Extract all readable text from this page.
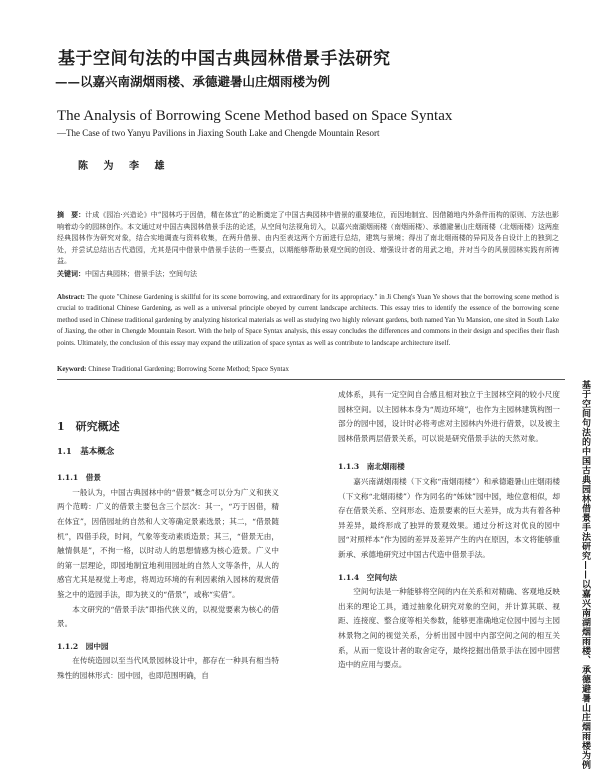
基于空间句法的中国古典园林借景手法研究
——以嘉兴南湖烟雨楼、承德避暑山庄烟雨楼为例
The Analysis of Borrowing Scene Method based on Space Syntax
—The Case of two Yanyu Pavilions in Jiaxing South Lake and Chengde Mountain Resort
陈 为 李 雄
摘　要：计成《园冶·兴造论》中“园林巧于因借，精在体宜”的论断奠定了中国古典园林中借景的重要地位，而因地制宜、因借随地内外条件而构的原则、方法也影响着动今的园林创作。本文通过对中国古典园林借景手法的论述，从空间句法视角切入，以嘉兴南湖烟雨楼（南烟雨楼）、承德避暑山庄烟雨楼（北烟雨楼）这两座经典园林作为研究对象，结合实地调查与资料收集，在两升借景、由内至表这两个方面进行总结，建筑与景境；得出了南北烟雨楼的异同及各自设计上的独到之处，并尝试总结出古代造园，尤其是同中借景中借景手法的一些要点，以期能够帮助景观空间的创设、增强设计者的用武之地，并对当今的风景园林实践有所裨益。
关键词：中国古典园林；借景手法；空间句法
Abstract: The quote "Chinese Gardening is skillful for its scene borrowing, and extraordinary for its appropriacy." in Ji Cheng's Yuan Ye shows that the borrowing scene method is crucial to traditional Chinese Gardening, as well as a universal principle obeyed by current landscape architects. This essay tries to identify the essence of the borrowing scene method used in Chinese traditional gardening by analyzing historical materials as well as studying two highly relevant gardens, both named Yan Yu Mansion, one sited in South Lake of Jiaxing, the other in Chengde Mountain Resort. With the help of Space Syntax analysis, this essay concludes the differences and commons in their design and specifies their flash points. Ultimately, the conclusion of this essay may expand the utilization of space syntax as well as contribute to landscape architecture itself.
Keyword: Chinese Traditional Gardening; Borrowing Scene Method; Space Syntax
1　研究概述
1.1　基本概念
1.1.1　借景
一般认为，中国古典园林中的“借景”概念可以分为广义和狭义两个范畴：广义的借景主要包含三个层次：其一，“巧于因借，精在体宜”，因借园址的自然和人文等确定景素选景；其二，“借景随机”，四借手段，时间，气象等变动素质造景；其三，“借景无由，触情俱是”，不拘一格，以时动人的思想情感为核心造景。广义中的第一层理论，即园地制宜地利用园址的自然人文等条件，从人的感官尤其是视觉上考虑，将周边环境的有利因素纳入园林的观赏借鉴之中的造园手法，即为狭义的“借景”，或称“实借”。
本文研究的“借景手法”即指代狭义的，以视觉要素为核心的借景。
1.1.2　园中园
在传统造园以至当代风景园林设计中，都存在一种具有相当特殊性的园林形式：园中园，也即范围明确，自
成体系，具有一定空间自合感且相对独立于主园林空间的较小尺度园林空间。以主园林本身为“周边环境”，也作为主园林建筑构图一部分的园中园，设计时必将考虑对主园林内外进行借景，以及被主园林借景两层借景关系，可以说是研究借景手法的天然对象。
1.1.3　南北烟雨楼
嘉兴南湖烟雨楼（下文称“南烟雨楼”）和承德避暑山庄烟雨楼（下文称“北烟雨楼”）作为同名的“姊妹”园中园，地位意相似，却存在借景关系、空间形态、造景要素的巨大差异，成为共有着各种异差异，最终形成了独异的景观效果。通过分析这对优良的园中园“对照样本”作为园的差异及差异产生的内在原因，本文将能够重新承、承德地研究过中国古代造中借景手法。
1.1.4　空间句法
空间句法是一种能够将空间的内在关系和对精确、客观地反映出来的理论工具，通过抽象化研究对象的空间，并计算其联、视距、连接度、整合度等相关参数，能够更准确地定位园中园与主园林景物之间的视觉关系，分析出园中园中内部空间之间的相互关系，从而一览设计者的取舍定夺，最终挖掘出借景手法在园中园营造中的应用与要点。	基于空间句法的中国古典园林借景手法研究——以嘉兴南湖烟雨楼、承德避暑山庄烟雨楼为例
